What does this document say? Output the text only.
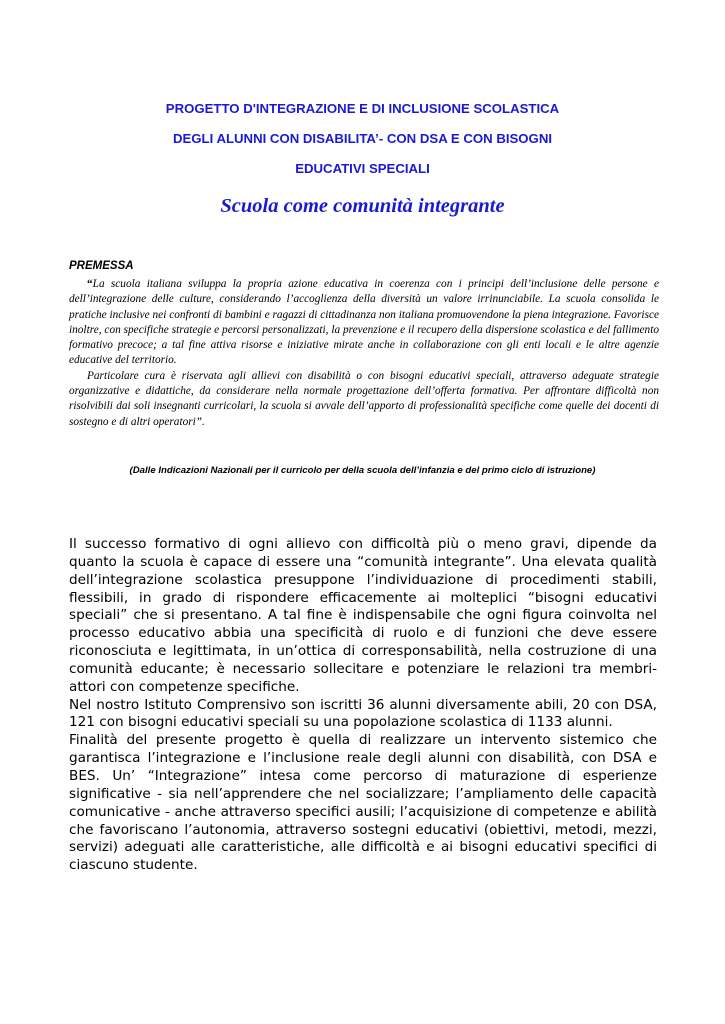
PROGETTO D'INTEGRAZIONE E DI INCLUSIONE SCOLASTICA
DEGLI ALUNNI CON DISABILITA’- CON DSA E CON BISOGNI
EDUCATIVI SPECIALI
Scuola come comunità integrante
PREMESSA

“La scuola italiana sviluppa la propria azione educativa in coerenza con i principi dell’inclusione delle persone e dell’integrazione delle culture, considerando l’accoglienza della diversità un valore irrinunciabile. La scuola consolida le pratiche inclusive nei confronti di bambini e ragazzi di cittadinanza non italiana promuovendone la piena integrazione. Favorisce inoltre, con specifiche strategie e percorsi personalizzati, la prevenzione e il recupero della dispersione scolastica e del fallimento formativo precoce; a tal fine attiva risorse e iniziative mirate anche in collaborazione con gli enti locali e le altre agenzie educative del territorio.

Particolare cura è riservata agli allievi con disabilità o con bisogni educativi speciali, attraverso adeguate strategie organizzative e didattiche, da considerare nella normale progettazione dell’offerta formativa. Per affrontare difficoltà non risolvibili dai soli insegnanti curricolari, la scuola si avvale dell’apporto di professionalità specifiche come quelle dei docenti di sostegno e di altri operatori”.

(Dalle Indicazioni Nazionali per il curricolo per della scuola dell’infanzia e del primo ciclo di istruzione)

Il successo formativo di ogni allievo con difficoltà più o meno gravi, dipende da quanto la scuola è capace di essere una “comunità integrante”. Una elevata qualità dell’integrazione scolastica presuppone l’individuazione di procedimenti stabili, flessibili, in grado di rispondere efficacemente ai molteplici “bisogni educativi speciali” che si presentano. A tal fine è indispensabile che ogni figura coinvolta nel processo educativo abbia una specificità di ruolo e di funzioni che deve essere riconosciuta e legittimata, in un’ottica di corresponsabilità, nella costruzione di una comunità educante; è necessario sollecitare e potenziare le relazioni tra membri- attori con competenze specifiche.

Nel nostro Istituto Comprensivo son iscritti 36 alunni diversamente abili, 20 con DSA, 121 con bisogni educativi speciali su una popolazione scolastica di 1133 alunni.

Finalità del presente progetto è quella di realizzare un intervento sistemico che garantisca l’integrazione e l’inclusione reale degli alunni con disabilità, con DSA e BES. Un’ “Integrazione” intesa come percorso di maturazione di esperienze significative - sia nell’apprendere che nel socializzare; l’ampliamento delle capacità comunicative - anche attraverso specifici ausili; l’acquisizione di competenze e abilità che favoriscano l’autonomia, attraverso sostegni educativi (obiettivi, metodi, mezzi, servizi) adeguati alle caratteristiche, alle difficoltà e ai bisogni educativi specifici di ciascuno studente.
